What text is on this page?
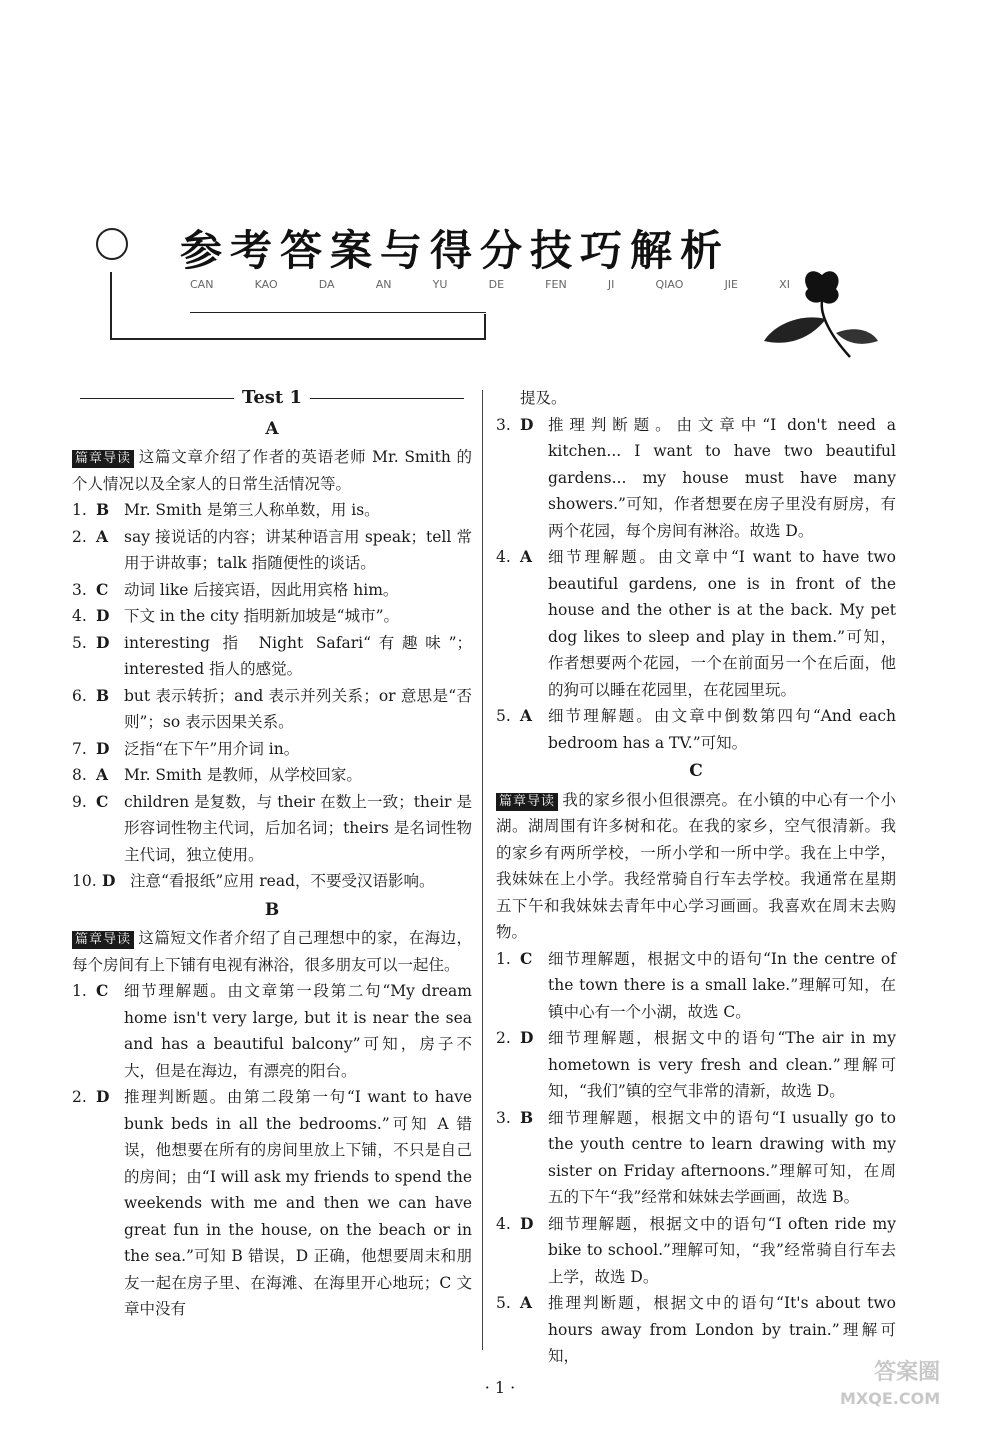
参考答案与得分技巧解析
CAN	KAO	DA	AN	YU	DE	FEN	JI	QIAO	JIE	XI
Test 1
A
篇章导读 这篇文章介绍了作者的英语老师 Mr. Smith 的个人情况以及全家人的日常生活情况等。
1. B Mr. Smith 是第三人称单数，用 is。
2. A	say 接说话的内容；讲某种语言用 speak；tell 常用于讲故事；talk 指随便性的谈话。
3. C	动词 like 后接宾语，因此用宾格 him。
4. D 下文 in the city 指明新加坡是“城市”。
5. D interesting 指 Night Safari“有趣味”；interested 指人的感觉。
6. B but 表示转折；and 表示并列关系；or 意思是“否则”；so 表示因果关系。
7. D 泛指“在下午”用介词 in。
8. A	Mr. Smith 是教师，从学校回家。
9. C	children 是复数，与 their 在数上一致；their 是形容词性物主代词，后加名词；theirs 是名词性物主代词，独立使用。
10. D 注意“看报纸”应用 read，不要受汉语影响。
B
篇章导读 这篇短文作者介绍了自己理想中的家，在海边，每个房间有上下铺有电视有淋浴，很多朋友可以一起住。
1. C	细节理解题。由文章第一段第二句“My dream home isn't very large, but it is near the sea and has a beautiful balcony”可知，房子不大，但是在海边，有漂亮的阳台。
2. D 推理判断题。由第二段第一句“I want to have bunk beds in all the bedrooms.”可知 A 错误，他想要在所有的房间里放上下铺，不只是自己的房间；由“I will ask my friends to spend the weekends with me and then we can have great fun in the house, on the beach or in the sea.”可知 B 错误，D 正确，他想要周末和朋友一起在房子里、在海滩、在海里开心地玩；C 文章中没有
提及。
3. D 推理判断题。由文章中“I don't need a kitchen... I want to have two beautiful gardens... my house must have many showers.”可知，作者想要在房子里没有厨房，有两个花园，每个房间有淋浴。故选 D。
4. A	细节理解题。由文章中“I want to have two beautiful gardens, one is in front of the house and the other is at the back. My pet dog likes to sleep and play in them.”可知，作者想要两个花园，一个在前面另一个在后面，他的狗可以睡在花园里，在花园里玩。
5. A	细节理解题。由文章中倒数第四句“And each bedroom has a TV.”可知。
C
篇章导读 我的家乡很小但很漂亮。在小镇的中心有一个小湖。湖周围有许多树和花。在我的家乡，空气很清新。我的家乡有两所学校，一所小学和一所中学。我在上中学，我妹妹在上小学。我经常骑自行车去学校。我通常在星期五下午和我妹妹去青年中心学习画画。我喜欢在周末去购物。
1. C	细节理解题，根据文中的语句“In the centre of the town there is a small lake.”理解可知，在镇中心有一个小湖，故选 C。
2. D 细节理解题，根据文中的语句“The air in my hometown is very fresh and clean.”理解可知，“我们”镇的空气非常的清新，故选 D。
3. B 细节理解题，根据文中的语句“I usually go to the youth centre to learn drawing with my sister on Friday afternoons.”理解可知，在周五的下午“我”经常和妹妹去学画画，故选 B。
4. D 细节理解题，根据文中的语句“I often ride my bike to school.”理解可知，“我”经常骑自行车去上学，故选 D。
5. A	推理判断题，根据文中的语句“It's about two hours away from London by train.”理解可知，
· 1 ·
答案圈
MXQE.COM
